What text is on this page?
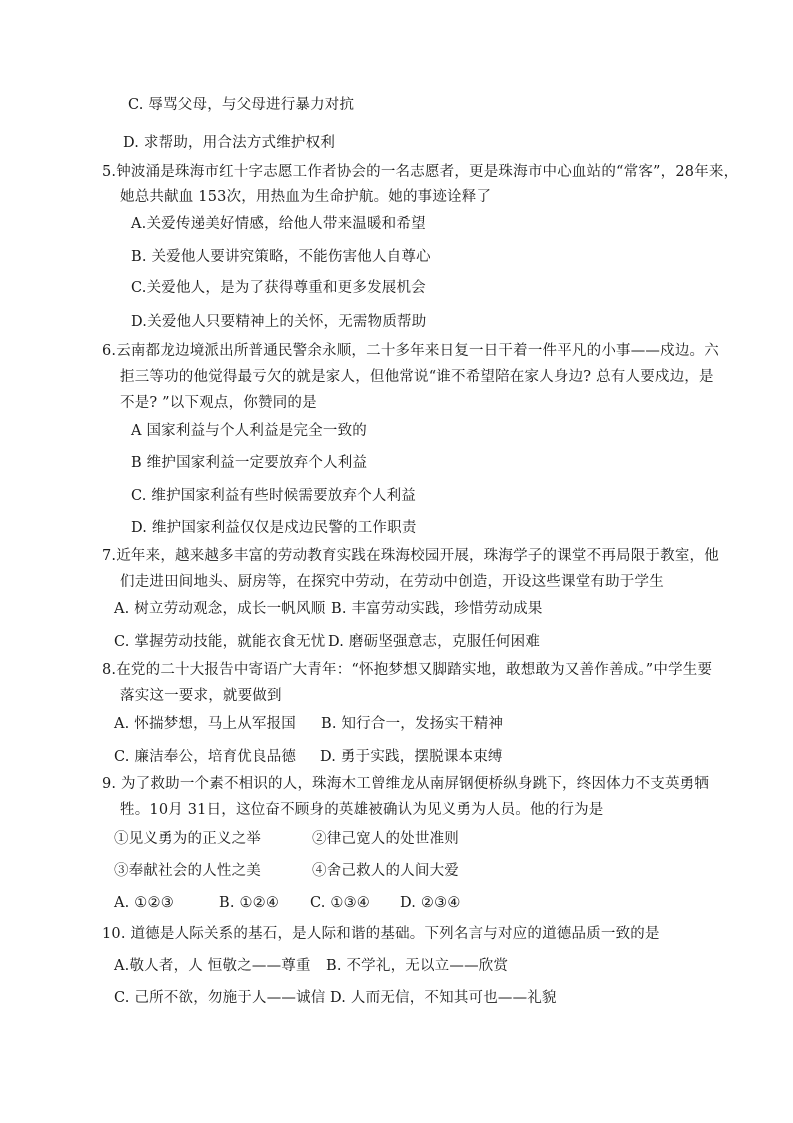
C. 辱骂父母，与父母进行暴力对抗
D. 求帮助，用合法方式维护权利
5.钟波涌是珠海市红十字志愿工作者协会的一名志愿者，更是珠海市中心血站的“常客”，28年来，
她总共献血 153次，用热血为生命护航。她的事迹诠释了
A.关爱传递美好情感，给他人带来温暖和希望
B. 关爱他人要讲究策略，不能伤害他人自尊心
C.关爱他人，是为了获得尊重和更多发展机会
D.关爱他人只要精神上的关怀，无需物质帮助
6.云南都龙边境派出所普通民警余永顺，二十多年来日复一日干着一件平凡的小事——戍边。六
拒三等功的他觉得最亏欠的就是家人，但他常说“谁不希望陪在家人身边? 总有人要戍边，是
不是? ”以下观点，你赞同的是
A 国家利益与个人利益是完全一致的
B 维护国家利益一定要放弃个人利益
C. 维护国家利益有些时候需要放弃个人利益
D. 维护国家利益仅仅是戍边民警的工作职责
7.近年来，越来越多丰富的劳动教育实践在珠海校园开展，珠海学子的课堂不再局限于教室，他
们走进田间地头、厨房等，在探究中劳动，在劳动中创造，开设这些课堂有助于学生
A. 树立劳动观念，成长一帆风顺 B. 丰富劳动实践，珍惜劳动成果
C. 掌握劳动技能，就能衣食无忧 D. 磨砺坚强意志，克服任何困难
8.在党的二十大报告中寄语广大青年：“怀抱梦想又脚踏实地，敢想敢为又善作善成。”中学生要
落实这一要求，就要做到
A. 怀揣梦想，马上从军报国 B. 知行合一，发扬实干精神
C. 廉洁奉公，培育优良品德 D. 勇于实践，摆脱课本束缚
9. 为了救助一个素不相识的人，珠海木工曾维龙从南屏钢便桥纵身跳下，终因体力不支英勇牺
牲。10月 31日，这位奋不顾身的英雄被确认为见义勇为人员。他的行为是
①见义勇为的正义之举	②律己宽人的处世准则
③奉献社会的人性之美	④舍己救人的人间大爱
A. ①②③	B. ①②④ C. ①③④ D. ②③④
10. 道德是人际关系的基石，是人际和谐的基础。下列名言与对应的道德品质一致的是
A.敬人者，人 恒敬之——尊重 B. 不学礼，无以立——欣赏
C. 己所不欲，勿施于人——诚信 D. 人而无信，不知其可也——礼貌
